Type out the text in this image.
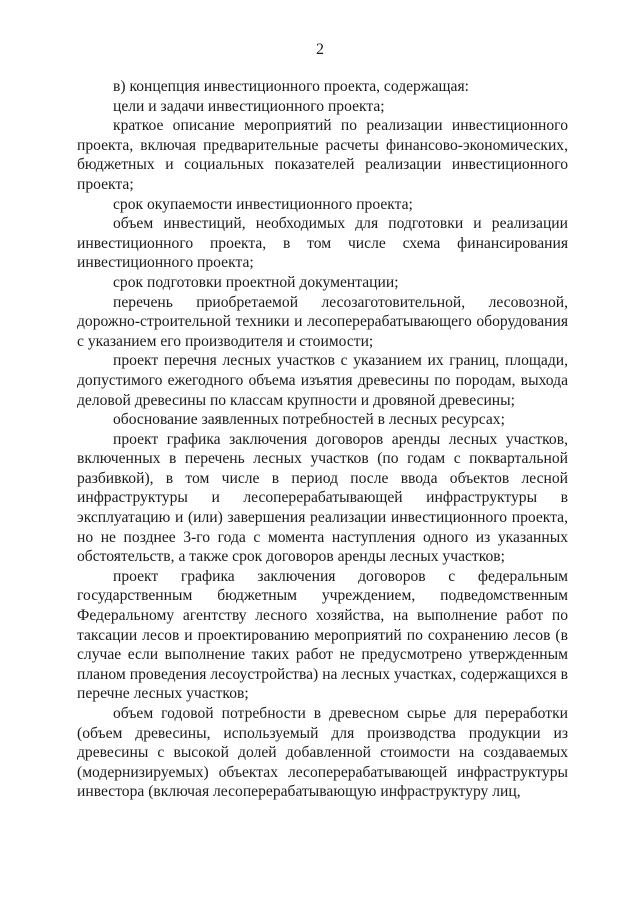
2

в) концепция инвестиционного проекта, содержащая:

цели и задачи инвестиционного проекта;

краткое описание мероприятий по реализации инвестиционного проекта, включая предварительные расчеты финансово-экономических, бюджетных и социальных показателей реализации инвестиционного проекта;

срок окупаемости инвестиционного проекта;

объем инвестиций, необходимых для подготовки и реализации инвестиционного проекта, в том числе схема финансирования инвестиционного проекта;

срок подготовки проектной документации;

перечень приобретаемой лесозаготовительной, лесовозной, дорожно-строительной техники и лесоперерабатывающего оборудования с указанием его производителя и стоимости;

проект перечня лесных участков с указанием их границ, площади, допустимого ежегодного объема изъятия древесины по породам, выхода деловой древесины по классам крупности и дровяной древесины;

обоснование заявленных потребностей в лесных ресурсах;

проект графика заключения договоров аренды лесных участков, включенных в перечень лесных участков (по годам с поквартальной разбивкой), в том числе в период после ввода объектов лесной инфраструктуры и лесоперерабатывающей инфраструктуры в эксплуатацию и (или) завершения реализации инвестиционного проекта, но не позднее 3-го года с момента наступления одного из указанных обстоятельств, а также срок договоров аренды лесных участков;

проект графика заключения договоров с федеральным государственным бюджетным учреждением, подведомственным Федеральному агентству лесного хозяйства, на выполнение работ по таксации лесов и проектированию мероприятий по сохранению лесов (в случае если выполнение таких работ не предусмотрено утвержденным планом проведения лесоустройства) на лесных участках, содержащихся в перечне лесных участков;

объем годовой потребности в древесном сырье для переработки (объем древесины, используемый для производства продукции из древесины с высокой долей добавленной стоимости на создаваемых (модернизируемых) объектах лесоперерабатывающей инфраструктуры инвестора (включая лесоперерабатывающую инфраструктуру лиц,
